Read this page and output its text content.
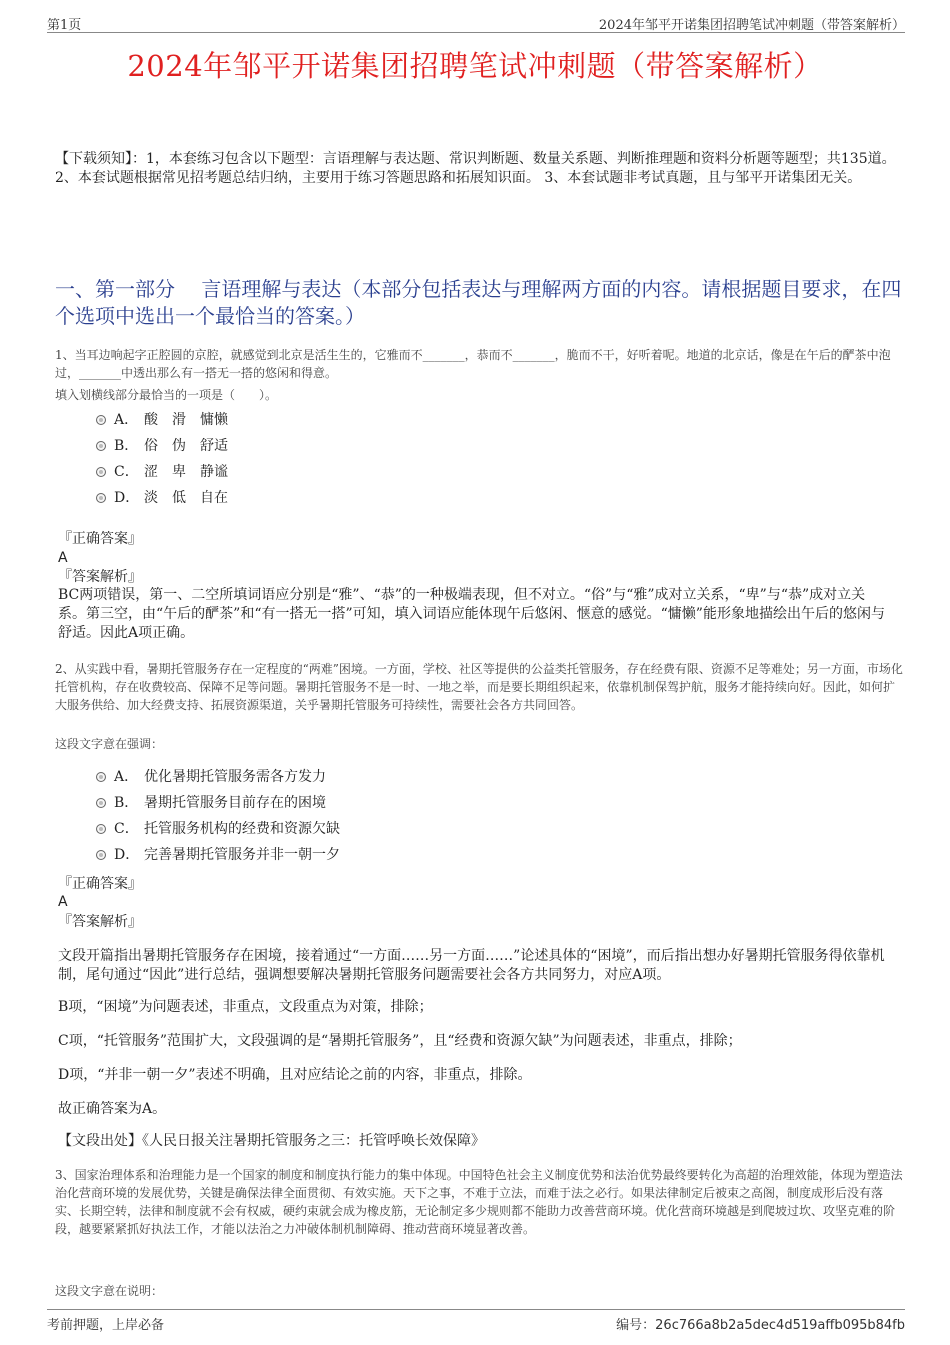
第1页	2024年邹平开诺集团招聘笔试冲刺题（带答案解析）
2024年邹平开诺集团招聘笔试冲刺题（带答案解析）
【下载须知】：1，本套练习包含以下题型：言语理解与表达题、常识判断题、数量关系题、判断推理题和资料分析题等题型；共135道。 2、本套试题根据常见招考题总结归纳，主要用于练习答题思路和拓展知识面。 3、本套试题非考试真题，且与邹平开诺集团无关。
一、第一部分　 言语理解与表达（本部分包括表达与理解两方面的内容。请根据题目要求，在四个选项中选出一个最恰当的答案。）
1、当耳边响起字正腔圆的京腔，就感觉到北京是活生生的，它雅而不_______，恭而不_______，脆而不干，好听着呢。地道的北京话，像是在午后的酽茶中泡过，_______中透出那么有一搭无一搭的悠闲和得意。
填入划横线部分最恰当的一项是（　　）。
A． 酸　滑　慵懒
B． 俗　伪　舒适
C． 涩　卑　静谧
D． 淡　低　自在
『正确答案』
A
『答案解析』
BC两项错误，第一、二空所填词语应分别是“雅”、“恭”的一种极端表现，但不对立。“俗”与“雅”成对立关系，“卑”与“恭”成对立关系。第三空，由“午后的酽茶”和“有一搭无一搭”可知，填入词语应能体现午后悠闲、惬意的感觉。“慵懒”能形象地描绘出午后的悠闲与舒适。因此A项正确。
2、从实践中看，暑期托管服务存在一定程度的“两难”困境。一方面，学校、社区等提供的公益类托管服务，存在经费有限、资源不足等难处；另一方面，市场化托管机构，存在收费较高、保障不足等问题。暑期托管服务不是一时、一地之举，而是要长期组织起来，依靠机制保驾护航，服务才能持续向好。因此，如何扩大服务供给、加大经费支持、拓展资源渠道，关乎暑期托管服务可持续性，需要社会各方共同回答。
这段文字意在强调：
A． 优化暑期托管服务需各方发力
B． 暑期托管服务目前存在的困境
C． 托管服务机构的经费和资源欠缺
D． 完善暑期托管服务并非一朝一夕
『正确答案』
A
『答案解析』
文段开篇指出暑期托管服务存在困境，接着通过“一方面……另一方面……”论述具体的“困境”，而后指出想办好暑期托管服务得依靠机制，尾句通过“因此”进行总结，强调想要解决暑期托管服务问题需要社会各方共同努力，对应A项。
B项，“困境”为问题表述，非重点，文段重点为对策，排除；
C项，“托管服务”范围扩大，文段强调的是“暑期托管服务”，且“经费和资源欠缺”为问题表述，非重点，排除；
D项，“并非一朝一夕”表述不明确，且对应结论之前的内容，非重点，排除。
故正确答案为A。
【文段出处】《人民日报关注暑期托管服务之三：托管呼唤长效保障》
3、国家治理体系和治理能力是一个国家的制度和制度执行能力的集中体现。中国特色社会主义制度优势和法治优势最终要转化为高超的治理效能，体现为塑造法治化营商环境的发展优势，关键是确保法律全面贯彻、有效实施。天下之事，不难于立法，而难于法之必行。如果法律制定后被束之高阁，制度成形后没有落实、长期空转，法律和制度就不会有权威，硬约束就会成为橡皮筋，无论制定多少规则都不能助力改善营商环境。优化营商环境越是到爬坡过坎、攻坚克难的阶段，越要紧紧抓好执法工作，才能以法治之力冲破体制机制障碍、推动营商环境显著改善。
这段文字意在说明：
考前押题，上岸必备	编号：26c766a8b2a5dec4d519affb095b84fb
